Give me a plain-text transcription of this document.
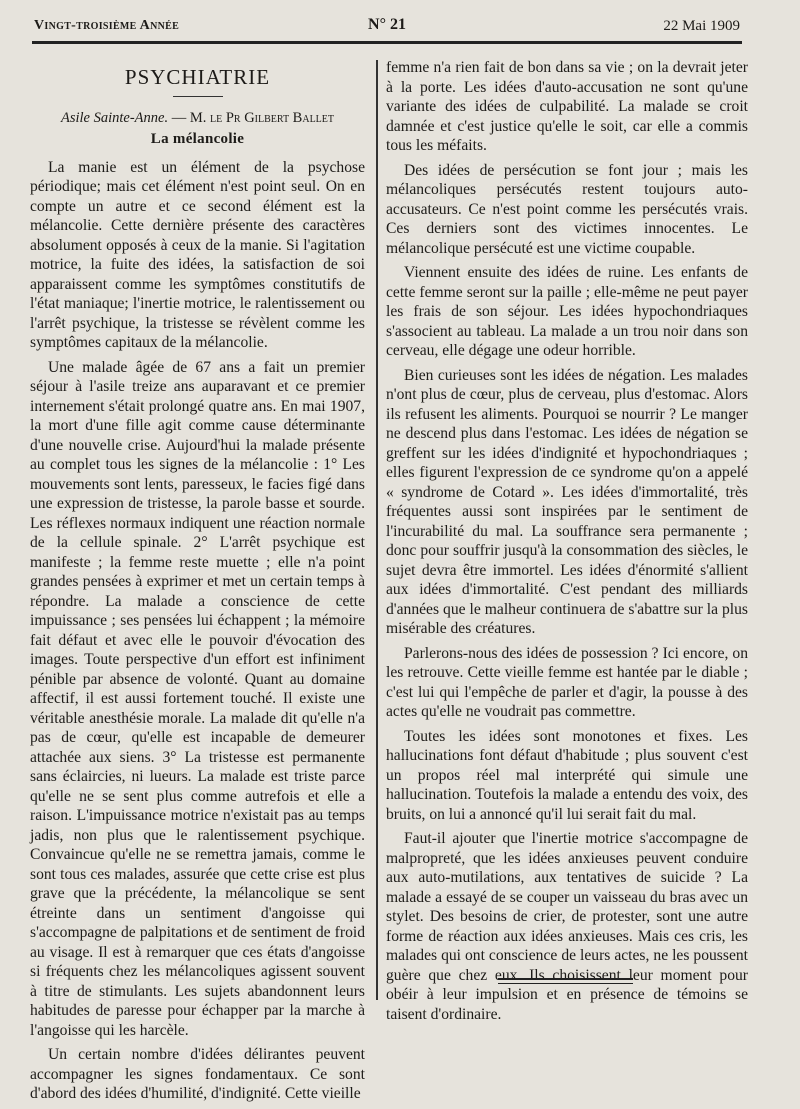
Vingt-troisième Année	N° 21	22 Mai 1909
PSYCHIATRIE
Asile Sainte-Anne. — M. le Pr Gilbert Ballet
La mélancolie

La manie est un élément de la psychose périodique; mais cet élément n'est point seul. On en compte un autre et ce second élément est la mélancolie. Cette dernière présente des caractères absolument opposés à ceux de la manie. Si l'agitation motrice, la fuite des idées, la satisfaction de soi apparaissent comme les symptômes constitutifs de l'état maniaque; l'inertie motrice, le ralentissement ou l'arrêt psychique, la tristesse se révèlent comme les symptômes capitaux de la mélancolie.

Une malade âgée de 67 ans a fait un premier séjour à l'asile treize ans auparavant et ce premier internement s'était prolongé quatre ans. En mai 1907, la mort d'une fille agit comme cause déterminante d'une nouvelle crise. Aujourd'hui la malade présente au complet tous les signes de la mélancolie : 1° Les mouvements sont lents, paresseux, le facies figé dans une expression de tristesse, la parole basse et sourde. Les réflexes normaux indiquent une réaction normale de la cellule spinale. 2° L'arrêt psychique est manifeste ; la femme reste muette ; elle n'a point grandes pensées à exprimer et met un certain temps à répondre. La malade a conscience de cette impuissance ; ses pensées lui échappent ; la mémoire fait défaut et avec elle le pouvoir d'évocation des images. Toute perspective d'un effort est infiniment pénible par absence de volonté. Quant au domaine affectif, il est aussi fortement touché. Il existe une véritable anesthésie morale. La malade dit qu'elle n'a pas de cœur, qu'elle est incapable de demeurer attachée aux siens. 3° La tristesse est permanente sans éclaircies, ni lueurs. La malade est triste parce qu'elle ne se sent plus comme autrefois et elle a raison. L'impuissance motrice n'existait pas au temps jadis, non plus que le ralentissement psychique. Convaincue qu'elle ne se remettra jamais, comme le sont tous ces malades, assurée que cette crise est plus grave que la précédente, la mélancolique se sent étreinte dans un sentiment d'angoisse qui s'accompagne de palpitations et de sentiment de froid au visage. Il est à remarquer que ces états d'angoisse si fréquents chez les mélancoliques agissent souvent à titre de stimulants. Les sujets abandonnent leurs habitudes de paresse pour échapper par la marche à l'angoisse qui les harcèle.

Un certain nombre d'idées délirantes peuvent accompagner les signes fondamentaux. Ce sont d'abord des idées d'humilité, d'indignité. Cette vieille

femme n'a rien fait de bon dans sa vie ; on la devrait jeter à la porte. Les idées d'auto-accusation ne sont qu'une variante des idées de culpabilité. La malade se croit damnée et c'est justice qu'elle le soit, car elle a commis tous les méfaits.

Des idées de persécution se font jour ; mais les mélancoliques persécutés restent toujours auto-accusateurs. Ce n'est point comme les persécutés vrais. Ces derniers sont des victimes innocentes. Le mélancolique persécuté est une victime coupable.

Viennent ensuite des idées de ruine. Les enfants de cette femme seront sur la paille ; elle-même ne peut payer les frais de son séjour. Les idées hypochondriaques s'associent au tableau. La malade a un trou noir dans son cerveau, elle dégage une odeur horrible.

Bien curieuses sont les idées de négation. Les malades n'ont plus de cœur, plus de cerveau, plus d'estomac. Alors ils refusent les aliments. Pourquoi se nourrir ? Le manger ne descend plus dans l'estomac. Les idées de négation se greffent sur les idées d'indignité et hypochondriaques ; elles figurent l'expression de ce syndrome qu'on a appelé « syndrome de Cotard ». Les idées d'immortalité, très fréquentes aussi sont inspirées par le sentiment de l'incurabilité du mal. La souffrance sera permanente ; donc pour souffrir jusqu'à la consommation des siècles, le sujet devra être immortel. Les idées d'énormité s'allient aux idées d'immortalité. C'est pendant des milliards d'années que le malheur continuera de s'abattre sur la plus misérable des créatures.

Parlerons-nous des idées de possession ? Ici encore, on les retrouve. Cette vieille femme est hantée par le diable ; c'est lui qui l'empêche de parler et d'agir, la pousse à des actes qu'elle ne voudrait pas commettre.

Toutes les idées sont monotones et fixes. Les hallucinations font défaut d'habitude ; plus souvent c'est un propos réel mal interprété qui simule une hallucination. Toutefois la malade a entendu des voix, des bruits, on lui a annoncé qu'il lui serait fait du mal.

Faut-il ajouter que l'inertie motrice s'accompagne de malpropreté, que les idées anxieuses peuvent conduire aux auto-mutilations, aux tentatives de suicide ? La malade a essayé de se couper un vaisseau du bras avec un stylet. Des besoins de crier, de protester, sont une autre forme de réaction aux idées anxieuses. Mais ces cris, les malades qui ont conscience de leurs actes, ne les poussent guère que chez eux. Ils choisissent leur moment pour obéir à leur impulsion et en présence de témoins se taisent d'ordinaire.
